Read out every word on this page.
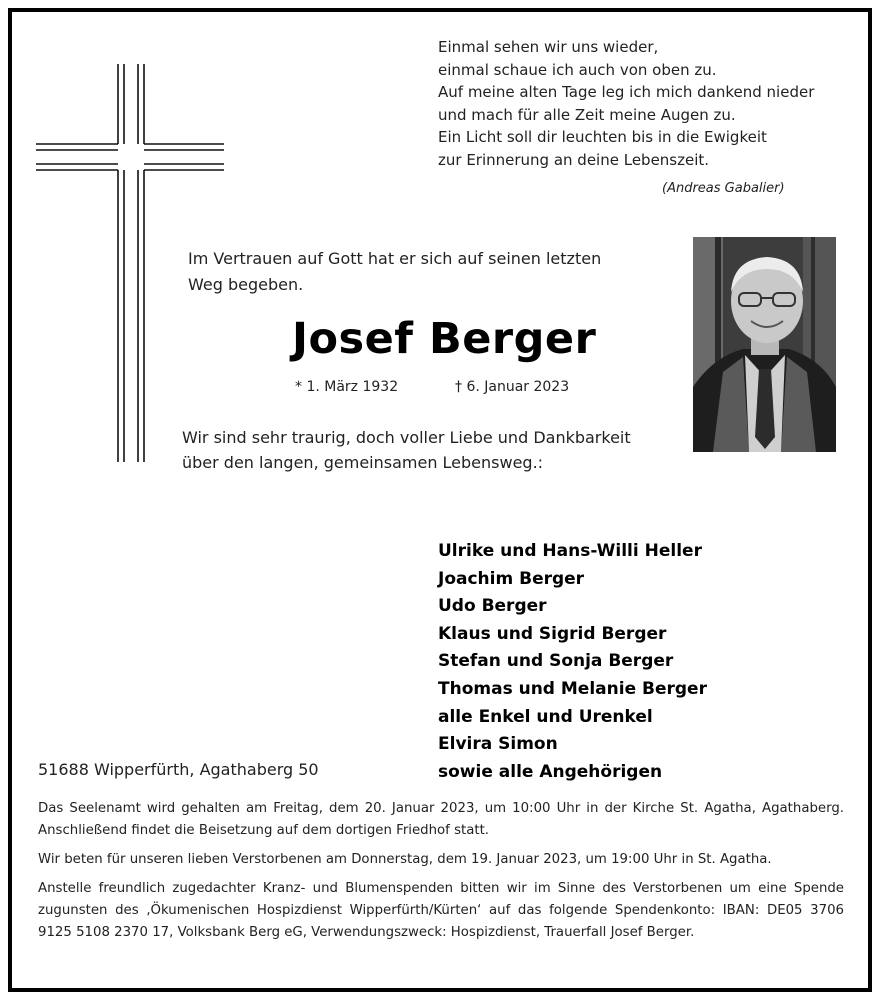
Einmal sehen wir uns wieder,
einmal schaue ich auch von oben zu.
Auf meine alten Tage leg ich mich dankend nieder
und mach für alle Zeit meine Augen zu.
Ein Licht soll dir leuchten bis in die Ewigkeit
zur Erinnerung an deine Lebenszeit.
(Andreas Gabalier)
Im Vertrauen auf Gott hat er sich auf seinen letzten
Weg begeben.
Josef Berger
* 1. März 1932	† 6. Januar 2023
Wir sind sehr traurig, doch voller Liebe und Dankbarkeit
über den langen, gemeinsamen Lebensweg.:
Ulrike und Hans-Willi Heller
Joachim Berger
Udo Berger
Klaus und Sigrid Berger
Stefan und Sonja Berger
Thomas und Melanie Berger
alle Enkel und Urenkel
Elvira Simon
sowie alle Angehörigen
51688 Wipperfürth, Agathaberg 50
Das Seelenamt wird gehalten am Freitag, dem 20. Januar 2023, um 10:00 Uhr in der Kirche St. Agatha, Agathaberg. Anschließend findet die Beisetzung auf dem dortigen Friedhof statt.
Wir beten für unseren lieben Verstorbenen am Donnerstag, dem 19. Januar 2023, um 19:00 Uhr in St. Agatha.
Anstelle freundlich zugedachter Kranz- und Blumenspenden bitten wir im Sinne des Verstorbenen um eine Spende zugunsten des ‚Ökumenischen Hospizdienst Wipperfürth/Kürten‘ auf das folgende Spendenkonto: IBAN: DE05 3706 9125 5108 2370 17, Volksbank Berg eG, Verwendungszweck: Hospizdienst, Trauerfall Josef Berger.
